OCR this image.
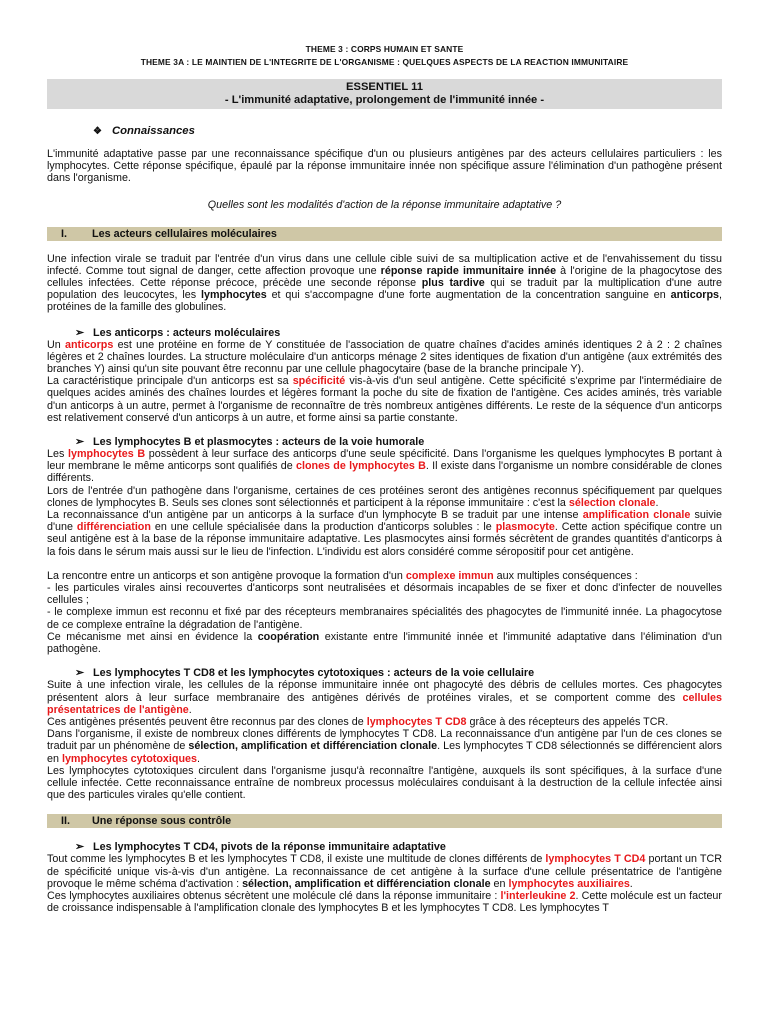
THEME 3 : CORPS HUMAIN ET SANTE
THEME 3A : LE MAINTIEN DE L'INTEGRITE DE L'ORGANISME : QUELQUES ASPECTS DE LA REACTION IMMUNITAIRE
ESSENTIEL 11
- L'immunité adaptative, prolongement de l'immunité innée -
❖ Connaissances

L'immunité adaptative passe par une reconnaissance spécifique d'un ou plusieurs antigènes par des acteurs cellulaires particuliers : les lymphocytes. Cette réponse spécifique, épaulé par la réponse immunitaire innée non spécifique assure l'élimination d'un pathogène présent dans l'organisme.

Quelles sont les modalités d'action de la réponse immunitaire adaptative ?
I. Les acteurs cellulaires moléculaires

Une infection virale se traduit par l'entrée d'un virus dans une cellule cible suivi de sa multiplication active et de l'envahissement du tissu infecté. Comme tout signal de danger, cette affection provoque une réponse rapide immunitaire innée à l'origine de la phagocytose des cellules infectées. Cette réponse précoce, précède une seconde réponse plus tardive qui se traduit par la multiplication d'une autre population des leucocytes, les lymphocytes et qui s'accompagne d'une forte augmentation de la concentration sanguine en anticorps, protéines de la famille des globulines.

➢ Les anticorps : acteurs moléculaires

Un anticorps est une protéine en forme de Y constituée de l'association de quatre chaînes d'acides aminés identiques 2 à 2 : 2 chaînes légères et 2 chaînes lourdes. La structure moléculaire d'un anticorps ménage 2 sites identiques de fixation d'un antigène (aux extrémités des branches Y) ainsi qu'un site pouvant être reconnu par une cellule phagocytaire (base de la branche principale Y).

La caractéristique principale d'un anticorps est sa spécificité vis-à-vis d'un seul antigène. Cette spécificité s'exprime par l'intermédiaire de quelques acides aminés des chaînes lourdes et légères formant la poche du site de fixation de l'antigène. Ces acides aminés, très variable d'un anticorps à un autre, permet à l'organisme de reconnaître de très nombreux antigènes différents. Le reste de la séquence d'un anticorps est relativement conservé d'un anticorps à un autre, et forme ainsi sa partie constante.

➢ Les lymphocytes B et plasmocytes : acteurs de la voie humorale

Les lymphocytes B possèdent à leur surface des anticorps d'une seule spécificité. Dans l'organisme les quelques lymphocytes B portant à leur membrane le même anticorps sont qualifiés de clones de lymphocytes B. Il existe dans l'organisme un nombre considérable de clones différents.

Lors de l'entrée d'un pathogène dans l'organisme, certaines de ces protéines seront des antigènes reconnus spécifiquement par quelques clones de lymphocytes B. Seuls ses clones sont sélectionnés et participent à la réponse immunitaire : c'est la sélection clonale.

La reconnaissance d'un antigène par un anticorps à la surface d'un lymphocyte B se traduit par une intense amplification clonale suivie d'une différenciation en une cellule spécialisée dans la production d'anticorps solubles : le plasmocyte. Cette action spécifique contre un seul antigène est à la base de la réponse immunitaire adaptative. Les plasmocytes ainsi formés sécrètent de grandes quantités d'anticorps à la fois dans le sérum mais aussi sur le lieu de l'infection. L'individu est alors considéré comme séropositif pour cet antigène.

La rencontre entre un anticorps et son antigène provoque la formation d'un complexe immun aux multiples conséquences :

- les particules virales ainsi recouvertes d'anticorps sont neutralisées et désormais incapables de se fixer et donc d'infecter de nouvelles cellules ;

- le complexe immun est reconnu et fixé par des récepteurs membranaires spécialités des phagocytes de l'immunité innée. La phagocytose de ce complexe entraîne la dégradation de l'antigène.

Ce mécanisme met ainsi en évidence la coopération existante entre l'immunité innée et l'immunité adaptative dans l'élimination d'un pathogène.

➢ Les lymphocytes T CD8 et les lymphocytes cytotoxiques : acteurs de la voie cellulaire

Suite à une infection virale, les cellules de la réponse immunitaire innée ont phagocyté des débris de cellules mortes. Ces phagocytes présentent alors à leur surface membranaire des antigènes dérivés de protéines virales, et se comportent comme des cellules présentatrices de l'antigène.

Ces antigènes présentés peuvent être reconnus par des clones de lymphocytes T CD8 grâce à des récepteurs des appelés TCR.

Dans l'organisme, il existe de nombreux clones différents de lymphocytes T CD8. La reconnaissance d'un antigène par l'un de ces clones se traduit par un phénomène de sélection, amplification et différenciation clonale. Les lymphocytes T CD8 sélectionnés se différencient alors en lymphocytes cytotoxiques.

Les lymphocytes cytotoxiques circulent dans l'organisme jusqu'à reconnaître l'antigène, auxquels ils sont spécifiques, à la surface d'une cellule infectée. Cette reconnaissance entraîne de nombreux processus moléculaires conduisant à la destruction de la cellule infectée ainsi que des particules virales qu'elle contient.

II. Une réponse sous contrôle
➢ Les lymphocytes T CD4, pivots de la réponse immunitaire adaptative

Tout comme les lymphocytes B et les lymphocytes T CD8, il existe une multitude de clones différents de lymphocytes T CD4 portant un TCR de spécificité unique vis-à-vis d'un antigène. La reconnaissance de cet antigène à la surface d'une cellule présentatrice de l'antigène provoque le même schéma d'activation : sélection, amplification et différenciation clonale en lymphocytes auxiliaires.

Ces lymphocytes auxiliaires obtenus sécrètent une molécule clé dans la réponse immunitaire : l'interleukine 2. Cette molécule est un facteur de croissance indispensable à l'amplification clonale des lymphocytes B et les lymphocytes T CD8. Les lymphocytes T
